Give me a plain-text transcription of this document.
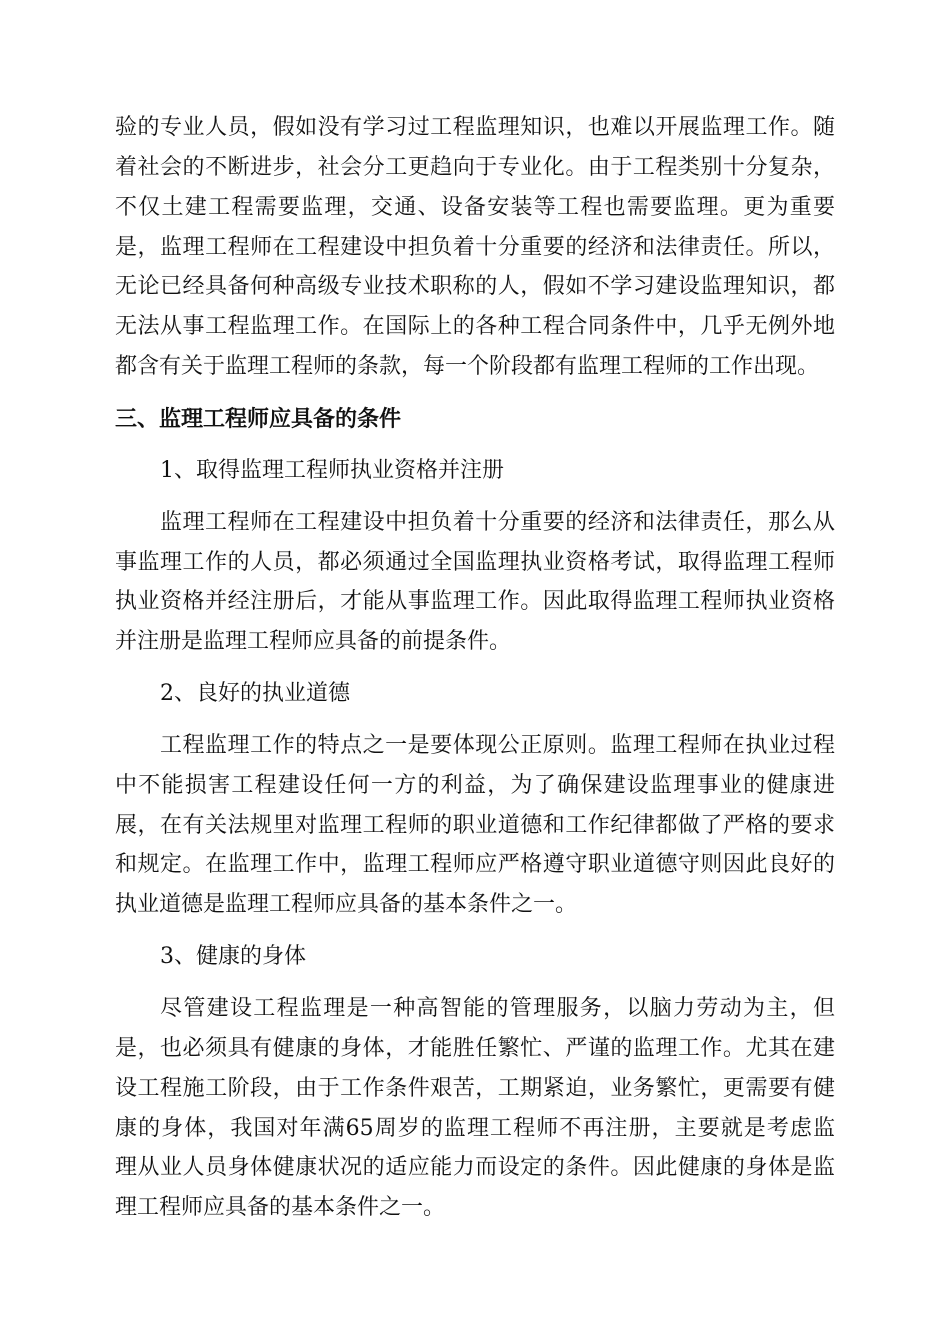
验的专业人员，假如没有学习过工程监理知识，也难以开展监理工作。随
着社会的不断进步，社会分工更趋向于专业化。由于工程类别十分复杂，
不仅土建工程需要监理，交通、设备安装等工程也需要监理。更为重要
是，监理工程师在工程建设中担负着十分重要的经济和法律责任。所以，
无论已经具备何种高级专业技术职称的人，假如不学习建设监理知识，都
无法从事工程监理工作。在国际上的各种工程合同条件中，几乎无例外地
都含有关于监理工程师的条款，每一个阶段都有监理工程师的工作出现。
三、监理工程师应具备的条件
1、取得监理工程师执业资格并注册
监理工程师在工程建设中担负着十分重要的经济和法律责任，那么从
事监理工作的人员，都必须通过全国监理执业资格考试，取得监理工程师
执业资格并经注册后，才能从事监理工作。因此取得监理工程师执业资格
并注册是监理工程师应具备的前提条件。
2、良好的执业道德
工程监理工作的特点之一是要体现公正原则。监理工程师在执业过程
中不能损害工程建设任何一方的利益，为了确保建设监理事业的健康进
展，在有关法规里对监理工程师的职业道德和工作纪律都做了严格的要求
和规定。在监理工作中，监理工程师应严格遵守职业道德守则因此良好的
执业道德是监理工程师应具备的基本条件之一。
3、健康的身体
尽管建设工程监理是一种高智能的管理服务，以脑力劳动为主，但
是，也必须具有健康的身体，才能胜任繁忙、严谨的监理工作。尤其在建
设工程施工阶段，由于工作条件艰苦，工期紧迫，业务繁忙，更需要有健
康的身体，我国对年满65周岁的监理工程师不再注册，主要就是考虑监
理从业人员身体健康状况的适应能力而设定的条件。因此健康的身体是监
理工程师应具备的基本条件之一。
